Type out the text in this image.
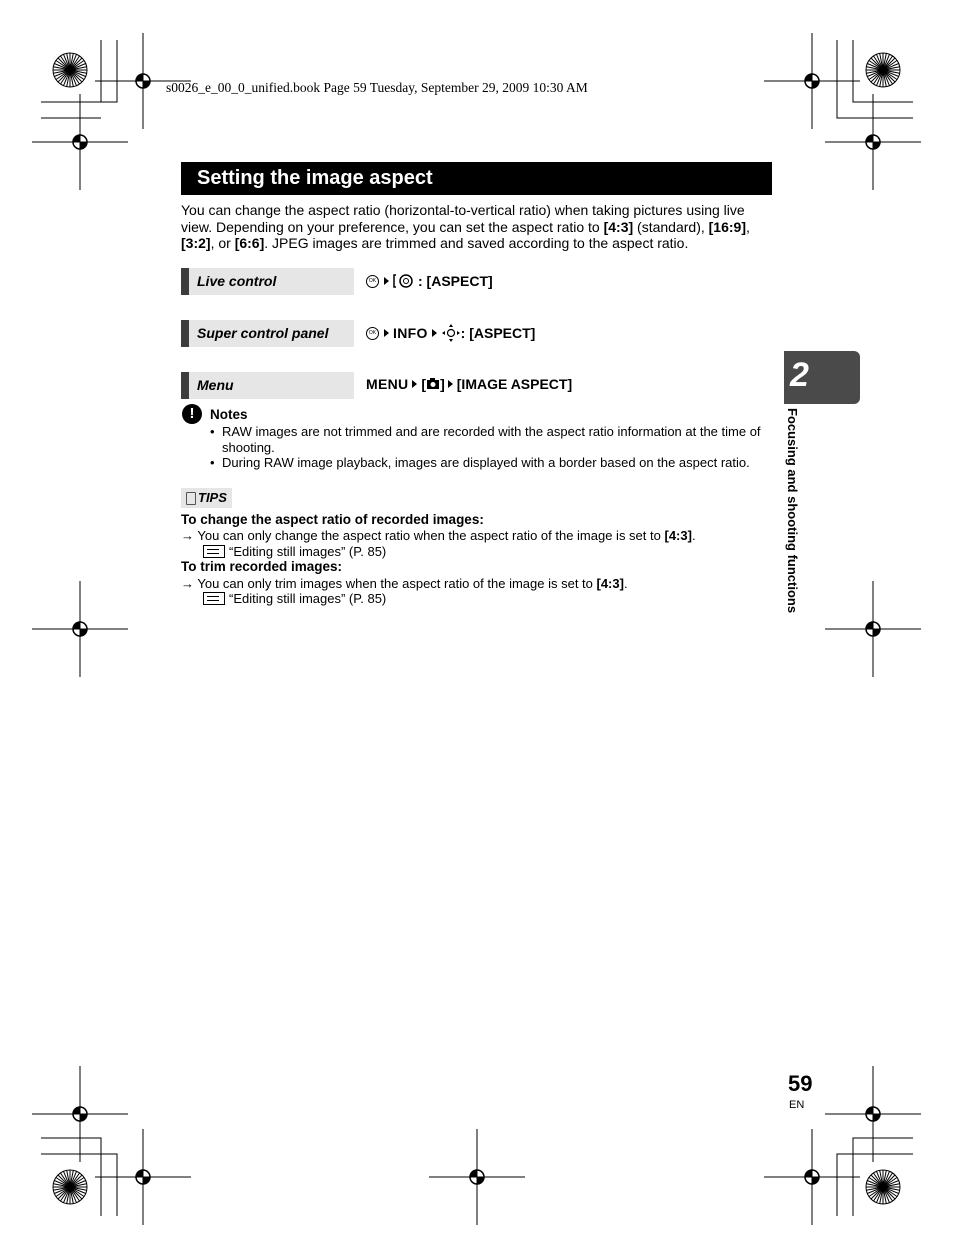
s0026_e_00_0_unified.book Page 59 Tuesday, September 29, 2009 10:30 AM
Setting the image aspect
You can change the aspect ratio (horizontal-to-vertical ratio) when taking pictures using live view. Depending on your preference, you can set the aspect ratio to [4:3] (standard), [16:9], [3:2], or [6:6]. JPEG images are trimmed and saved according to the aspect ratio.
Live control	OK	: [ASPECT]
Super control panel	OK INFO : [ASPECT]
Menu	MENU [ ] [IMAGE ASPECT]
!	Notes
• RAW images are not trimmed and are recorded with the aspect ratio information at the time of shooting.
• During RAW image playback, images are displayed with a border based on the aspect ratio.
TIPS
To change the aspect ratio of recorded images:
→ You can only change the aspect ratio when the aspect ratio of the image is set to [4:3].
“Editing still images” (P. 85)
To trim recorded images:
→ You can only trim images when the aspect ratio of the image is set to [4:3].
“Editing still images” (P. 85)
2
Focusing and shooting functions
59
EN
